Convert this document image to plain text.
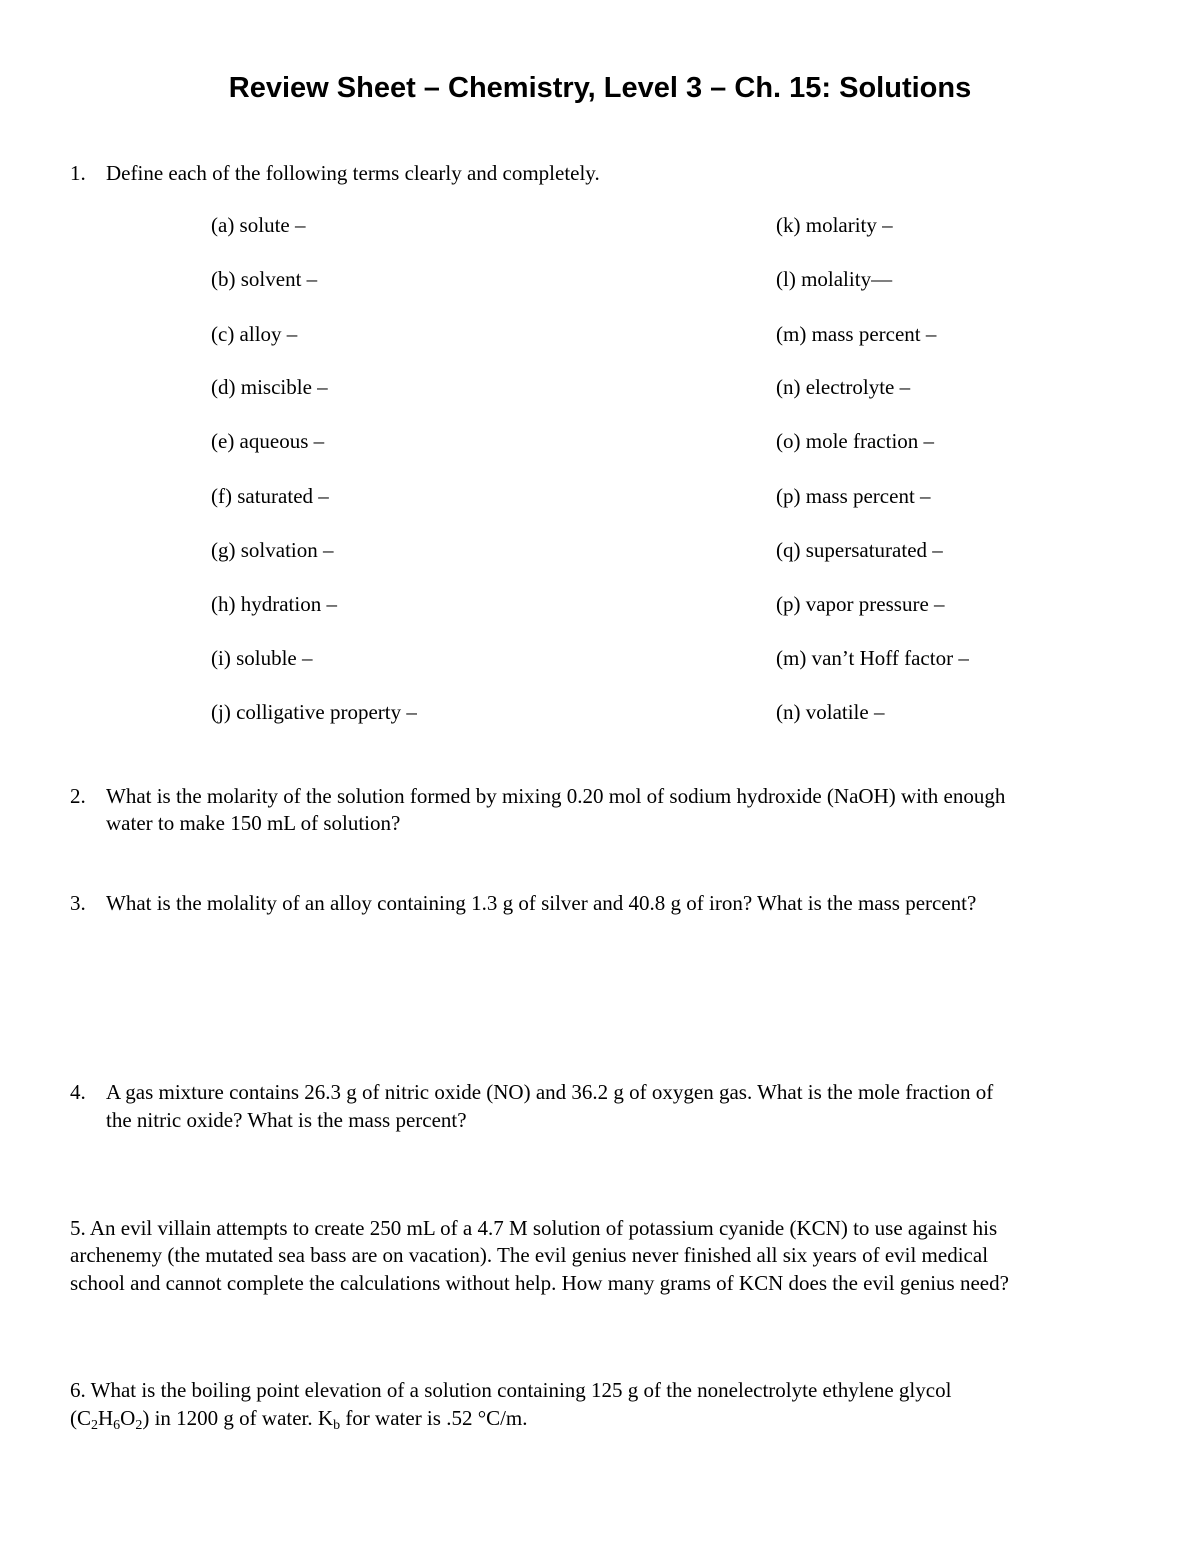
Review Sheet – Chemistry, Level 3 – Ch. 15: Solutions
1. Define each of the following terms clearly and completely.
(a) solute –
(b) solvent –
(c) alloy –
(d) miscible –
(e) aqueous –
(f) saturated –
(g) solvation –
(h) hydration –
(i) soluble –
(j) colligative property –
(k) molarity –
(l) molality—
(m) mass percent –
(n) electrolyte –
(o) mole fraction –
(p) mass percent –
(q) supersaturated –
(p) vapor pressure –
(m) van’t Hoff factor –
(n) volatile –
2. What is the molarity of the solution formed by mixing 0.20 mol of sodium hydroxide (NaOH) with enough
water to make 150 mL of solution?
3. What is the molality of an alloy containing 1.3 g of silver and 40.8 g of iron? What is the mass percent?
4. A gas mixture contains 26.3 g of nitric oxide (NO) and 36.2 g of oxygen gas. What is the mole fraction of
the nitric oxide? What is the mass percent?
5. An evil villain attempts to create 250 mL of a 4.7 M solution of potassium cyanide (KCN) to use against his
archenemy (the mutated sea bass are on vacation). The evil genius never finished all six years of evil medical
school and cannot complete the calculations without help. How many grams of KCN does the evil genius need?
6. What is the boiling point elevation of a solution containing 125 g of the nonelectrolyte ethylene glycol
$(C_2H_6O_2)$ in 1200 g of water. $K_b$ for water is .52 °C/m.
